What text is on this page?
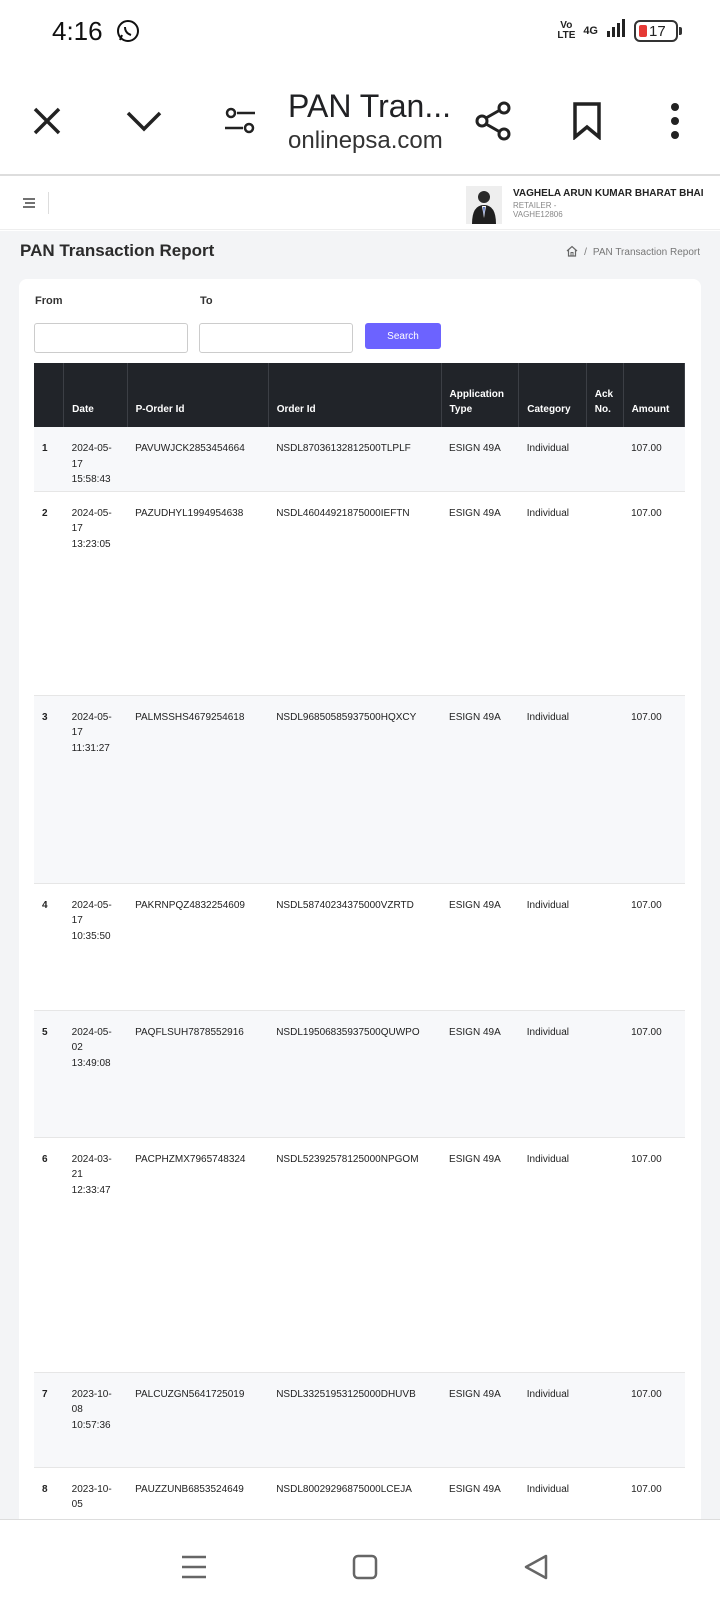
4:16	Vo LTE 4G	17
PAN Tran...
onlinepsa.com
VAGHELA ARUN KUMAR BHARAT BHAI
RETAILER -
VAGHE12806
PAN Transaction Report	/ PAN Transaction Report
From	To
Search
	Date	P-Order Id	Order Id	Application Type	Category	Ack No.	Amount
1	2024-05-17 15:58:43	PAVUWJCK2853454664	NSDL87036132812500TLPLF	ESIGN 49A	Individual		107.00
2	2024-05-17 13:23:05	PAZUDHYL1994954638	NSDL46044921875000IEFTN	ESIGN 49A	Individual		107.00
3	2024-05-17 11:31:27	PALMSSHS4679254618	NSDL96850585937500HQXCY	ESIGN 49A	Individual		107.00
4	2024-05-17 10:35:50	PAKRNPQZ4832254609	NSDL58740234375000VZRTD	ESIGN 49A	Individual		107.00
5	2024-05-02 13:49:08	PAQFLSUH7878552916	NSDL19506835937500QUWPO	ESIGN 49A	Individual		107.00
6	2024-03-21 12:33:47	PACPHZMX7965748324	NSDL52392578125000NPGOM	ESIGN 49A	Individual		107.00
7	2023-10-08 10:57:36	PALCUZGN5641725019	NSDL33251953125000DHUVB	ESIGN 49A	Individual		107.00
8	2023-10-05	PAUZZUNB6853524649	NSDL80029296875000LCEJA	ESIGN 49A	Individual		107.00
